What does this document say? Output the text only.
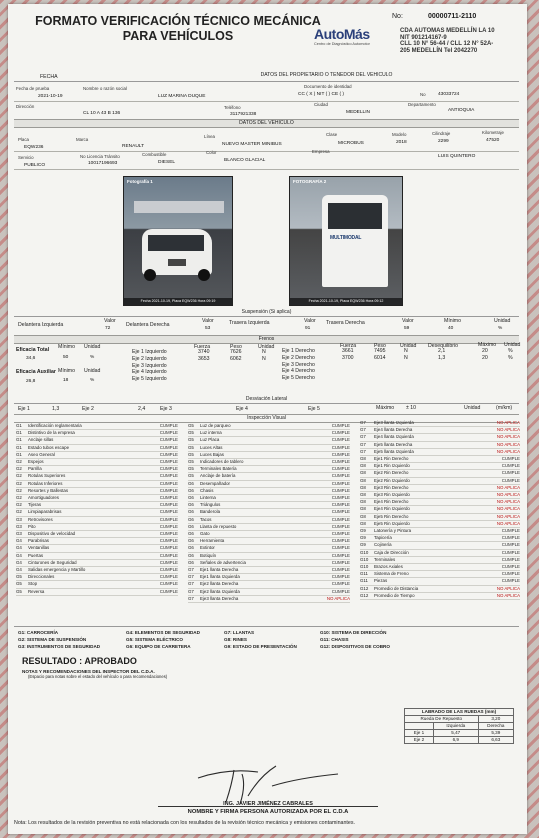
FORMATO VERIFICACIÓN TÉCNICO MECÁNICA
PARA VEHÍCULOS
No:	00000711-2110
AutoMás
Centro de Diagnóstico Automotor
CDA AUTOMAS MEDELLÍN LA 10
NIT 901214167-9
CLL 10 N° 56-44 / CLL 12 N° 52A-
205 MEDELLÍN Tel 2042270
FECHA	DATOS DEL PROPIETARIO O TENEDOR DEL VEHICULO
Fecha de prueba
2021-10-19
Nombre o razón social
LUZ MARINA DUQUE
Documento de identidad
CC ( X ) NIT ( ) CE ( )	No	43033724
Dirección
CL 10 A 43 B 136
Teléfono
3117921338
Ciudad
MEDELLIN
Departamento
ANTIOQUIA
DATOS DEL VEHICULO
Placa
EQW236
Marca
RENAULT
Línea
NUEVO MASTER MINIBUS
Clase
MICROBUS
Modelo
2018
Cilindraje
2299
Kilometraje
47520
Servicio
PUBLICO
No Licencia Tránsito
10017196693
Combustible
DIESEL
Color
BLANCO GLACIAL
Empresa
LUIS QUINTERO
Fotografía 1
Fecha 2021-10-19, Placa EQW236 Hora 09:19
FOTOGRAFÍA 2
MULTIMODAL
Fecha 2021-10-19, Placa EQW236 Hora 09:12
Suspensión (Si aplica)
Delantera Izquierda
Valor
72
Delantera Derecha
Valor
53
Trasera Izquierda	Valor
91
Trasera Derecha	Valor
59
Mínimo
40
Unidad
%
Frenos
Eficacia Total Mínimo Unidad
34,6	50	%
Eficacia Auxiliar Mínimo Unidad
26,8	18	%
Fuerza	Peso	Unidad	Fuerza	Peso	Unidad Desequilibrio	Máximo Unidad
Eje 1 Izquierdo	3740	7626	N
Eje 2 Izquierdo	3653	6062	N
Eje 3 Izquierdo
Eje 4 Izquierdo
Eje 5 Izquierdo
Eje 1 Derecho	3661	7495	N	2,1	20	%
Eje 2 Derecho	3700	6014	N	1,3	20	%
Eje 3 Derecho
Eje 4 Derecho
Eje 5 Derecho
Desviación Lateral
Eje 1	1,3	Eje 2	2,4	Eje 3	Eje 4	Eje 5	Máximo ± 10	Unidad	(m/km)
Inspección Visual
G1	Identificación reglamentaria	CUMPLE
G1	Distintivo de la empresa	CUMPLE
G1	Anclaje sillas	CUMPLE
G1	Estado tubos escape	CUMPLE
G1	Aseo General	CUMPLE
G2	Espejos	CUMPLE
G2	Parrilla	CUMPLE
G2	Rotulas Superiores	CUMPLE
G2	Rotulas Inferiores	CUMPLE
G2	Resortes y Ballestas	CUMPLE
G2	Amortiguadores	CUMPLE
G2	Tijeras	CUMPLE
G2	Limpiaparabrisas	CUMPLE
G3	Retrovisores	CUMPLE
G3	Pito	CUMPLE
G3	Dispositivo de velocidad	CUMPLE
G4	Parabrisas	CUMPLE
G4	Ventanillas	CUMPLE
G4	Puertas	CUMPLE
G4	Cinturones de Seguridad	CUMPLE
G4	Salidas emergencia y Martillo	CUMPLE
G5	Direccionales	CUMPLE
G5	Stop	CUMPLE
G5	Reversa	CUMPLE
G5	Luz de parqueo	CUMPLE
G5	Luz interna	CUMPLE
G5	Luz Placa	CUMPLE
G5	Luces Altas	CUMPLE
G5	Luces Bajas	CUMPLE
G5	Indicadores de tablero	CUMPLE
G5	Terminales Batería	CUMPLE
G5	Anclaje de batería	CUMPLE
G6	Desempañador	CUMPLE
G6	Chasis	CUMPLE
G6	Linterna	CUMPLE
G6	Triángulos	CUMPLE
G6	Banderola	CUMPLE
G6	Tacos	CUMPLE
G6	Llanta de repuesto	CUMPLE
G6	Gato	CUMPLE
G6	Herramienta	CUMPLE
G6	Extintor	CUMPLE
G6	Botiquín	CUMPLE
G6	Señales de advertencia	CUMPLE
G7	Eje1 llanta Derecha	CUMPLE
G7	Eje1 llanta Izquierda	CUMPLE
G7	Eje2 llanta Derecha	CUMPLE
G7	Eje2 llanta Izquierda	CUMPLE
G7	Eje3 llanta Derecha	NO APLICA
G7	Eje3 llanta Izquierda	NO APLICA
G7	Eje4 llanta Derecha	NO APLICA
G7	Eje4 llanta Izquierda	NO APLICA
G7	Eje5 llanta Derecha	NO APLICA
G7	Eje5 llanta Izquierda	NO APLICA
G8	Eje1 Rin Derecho	CUMPLE
G8	Eje1 Rin Izquierdo	CUMPLE
G8	Eje2 Rin Derecho	CUMPLE
G8	Eje2 Rin Izquierdo	CUMPLE
G8	Eje3 Rin Derecho	NO APLICA
G8	Eje3 Rin Izquierdo	NO APLICA
G8	Eje4 Rin Derecho	NO APLICA
G8	Eje4 Rin Izquierdo	NO APLICA
G8	Eje5 Rin Derecho	NO APLICA
G8	Eje5 Rin Izquierdo	NO APLICA
G9	Latonería y Pintura	CUMPLE
G9	Tapicería	CUMPLE
G9	Cojinería	CUMPLE
G10	Caja de Dirección	CUMPLE
G10	Terminales	CUMPLE
G10	Brazos Axiales	CUMPLE
G11	Sistema de Freno	CUMPLE
G11	Piezas	CUMPLE
G12	Promedio de Distancia	NO APLICA
G12	Promedio de Tiempo	NO APLICA
G1: CARROCERÍA	G4: ELEMENTOS DE SEGURIDAD	G7: LLANTAS	G10: SISTEMA DE DIRECCIÓN
G2: SISTEMA DE SUSPENSIÓN	G5: SISTEMA ELÉCTRICO	G8: RINES	G11: CHASIS
G3: INSTRUMENTOS DE SEGURIDAD	G6: EQUIPO DE CARRETERA	G9: ESTADO DE PRESENTACIÓN	G12: DISPOSITIVOS DE COBRO
RESULTADO : APROBADO
NOTAS Y RECOMENDACIONES DEL INSPECTOR DEL C.D.A.
(Espacio para notas sobre el estado del vehículo o para recomendaciones)
LABRADO DE LAS RUEDAS (mm)		
Rueda De Repuesto		3,20
	Izquierda	Derecha
Eje 1	5,47	5,39
Eje 2	6,9	6,63
ING. JAVIER JIMÉNEZ CABRALES
NOMBRE Y FIRMA PERSONA AUTORIZADA POR EL C.D.A
Nota: Los resultados de la revisión preventiva no está relacionada con los resultados de la revisión técnico mecánica y emisiones contaminantes.
